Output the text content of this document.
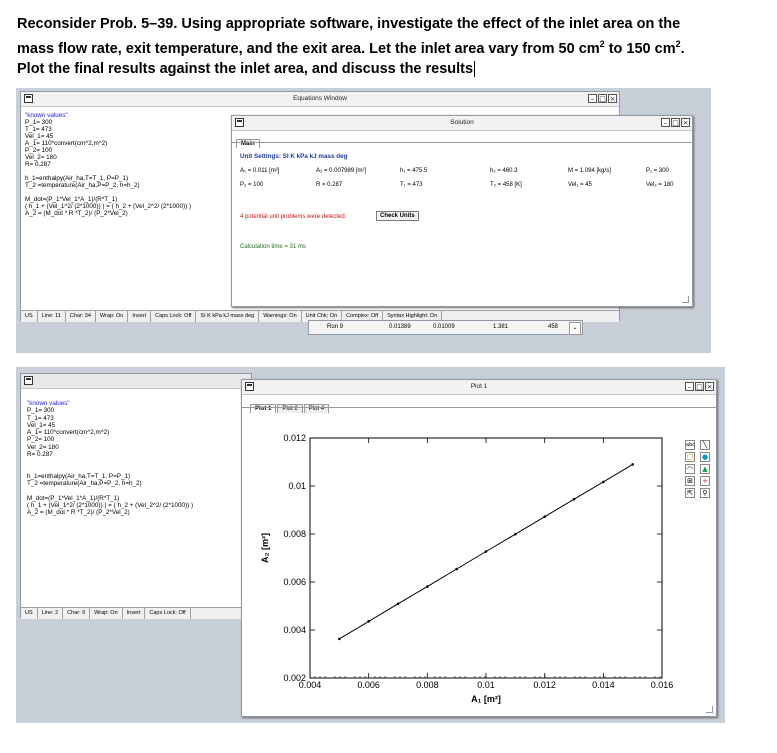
Reconsider Prob. 5–39. Using appropriate software, investigate the effect of the inlet area on the
mass flow rate, exit temperature, and the exit area. Let the inlet area vary from 50 $cm^2$ to 150 $cm^2$.
Plot the final results against the inlet area, and discuss the results
Equations Window	– □ ×
"known values"
P_1= 300
T_1= 473
Vel_1= 45
A_1= 110*convert(cm^2,m^2)
P_2= 100
Vel_2= 180
R= 0.287

h_1=enthalpy(Air_ha,T=T_1, P=P_1)
T_2 =temperature(Air_ha,P=P_2, h=h_2)

M_dot=(P_1*Vel_1*A_1)/(R*T_1)
( h_1 + (Vel_1^2/ (2*1000)) ) = ( h_2 + (Vel_2^2/ (2*1000)) )
A_2 = (M_dot * R *T_2)/ (P_2*Vel_2)
US Line: 11 Char: 34 Wrap: On Insert Caps Lock: Off SI K kPa kJ mass deg Warnings: On Unit Chk: On Complex: Off Syntax Highlight: On
Solution	– □ ×
Main
Unit Settings: SI K kPa kJ mass deg
A₁ = 0.011 [m²]	A₂ = 0.007989 [m²]	h₁ = 475.5	h₂ = 460.3	M = 1.094 [kg/s]	P₁ = 300
P₂ = 100	R = 0.287	T₁ = 473	T₂ = 458 [K]	Vel₁ = 45	Vel₂ = 180
4 potential unit problems were detected.	Check Units
Calculation time = 31 ms
Run 9	0.01389	0.01009	1.381	458	⌄
"known values"
P_1= 300
T_1= 473
Vel_1= 45
A_1= 110*convert(cm^2,m^2)
P_2= 100
Vel_2= 180
R= 0.287

h_1=enthalpy(Air_ha,T=T_1, P=P_1)
T_2 =temperature(Air_ha,P=P_2, h=h_2)

M_dot=(P_1*Vel_1*A_1)/(R*T_1)
( h_1 + (Vel_1^2/ (2*1000)) ) = ( h_2 + (Vel_2^2/ (2*1000)) )
A_2 = (M_dot * R *T_2)/ (P_2*Vel_2)
US Line: 2 Char: 9 Wrap: On Insert Caps Lock: Off
Plot 1	– □ ×
Plot 1 Plot 2 Plot 4
0.004	0.006	0.008	0.01	0.012	0.014	0.016
0.002
0.004
0.006
0.008
0.01
0.012
A₁ [m²]
A₂ [m²]
abc	╲
□ ●
◠	▲
⊞ +
⇱	⚲
